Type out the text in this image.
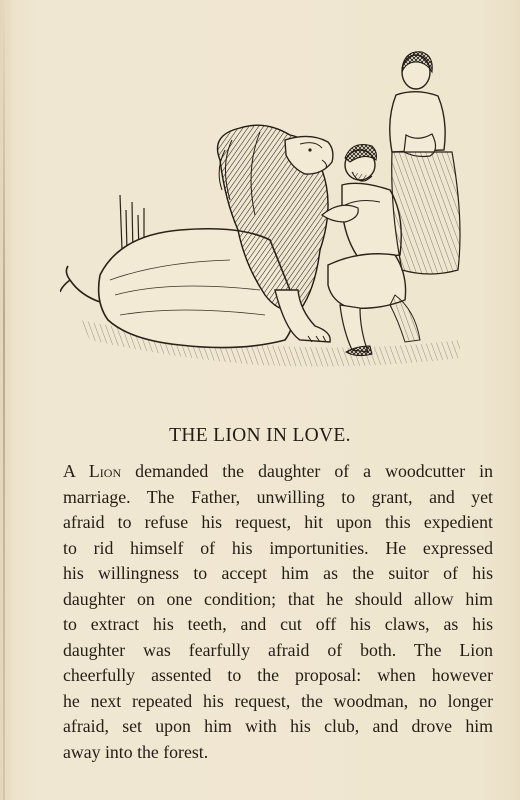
THE LION IN LOVE.
A Lion demanded the daughter of a woodcutter in
marriage. The Father, unwilling to grant, and yet
afraid to refuse his request, hit upon this expedient
to rid himself of his importunities. He expressed
his willingness to accept him as the suitor of his
daughter on one condition; that he should allow him
to extract his teeth, and cut off his claws, as his
daughter was fearfully afraid of both. The Lion
cheerfully assented to the proposal: when however
he next repeated his request, the woodman, no longer
afraid, set upon him with his club, and drove him
away into the forest.
